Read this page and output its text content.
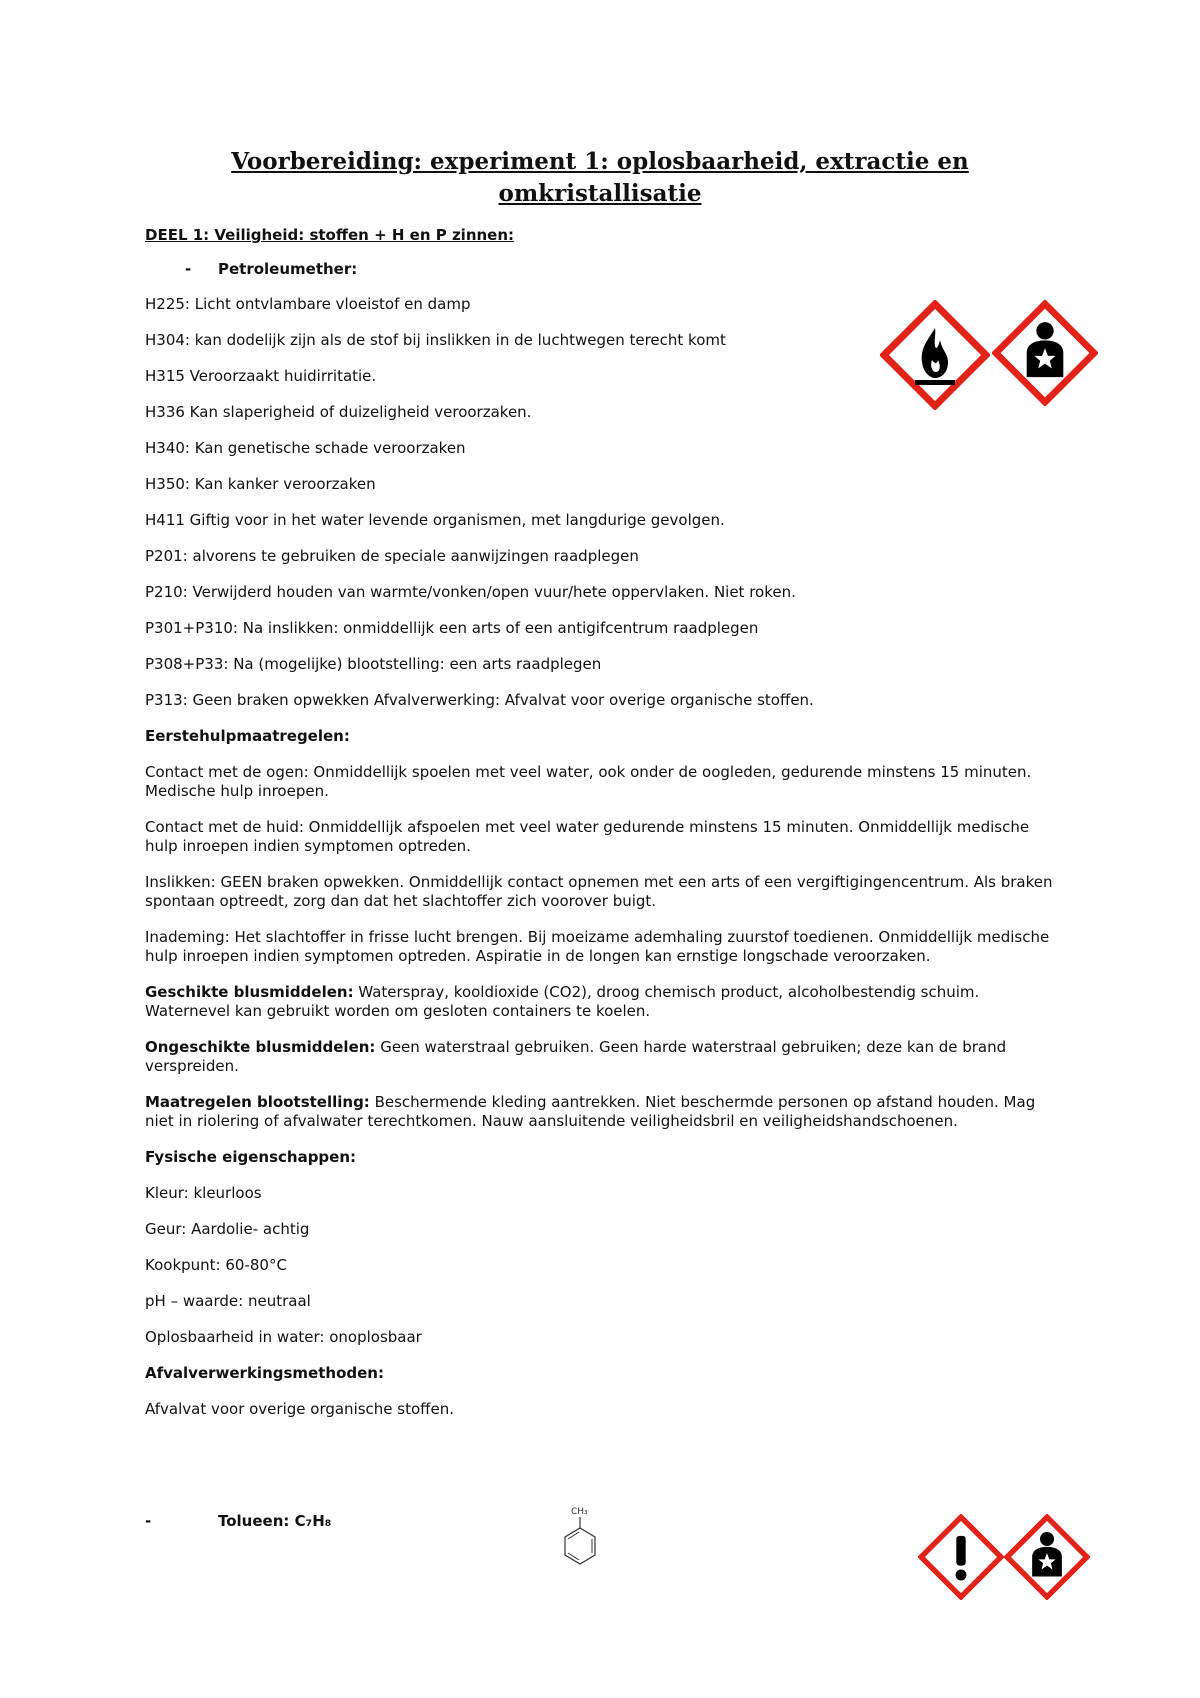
Voorbereiding: experiment 1: oplosbaarheid, extractie en omkristallisatie
DEEL 1: Veiligheid: stoffen + H en P zinnen:
-	Petroleumether:
H225: Licht ontvlambare vloeistof en damp
H304: kan dodelijk zijn als de stof bij inslikken in de luchtwegen terecht komt
H315 Veroorzaakt huidirritatie.
H336 Kan slaperigheid of duizeligheid veroorzaken.
H340: Kan genetische schade veroorzaken
H350: Kan kanker veroorzaken
H411 Giftig voor in het water levende organismen, met langdurige gevolgen.
P201: alvorens te gebruiken de speciale aanwijzingen raadplegen
P210: Verwijderd houden van warmte/vonken/open vuur/hete oppervlaken. Niet roken.
P301+P310: Na inslikken: onmiddellijk een arts of een antigifcentrum raadplegen
P308+P33: Na (mogelijke) blootstelling: een arts raadplegen
P313: Geen braken opwekken Afvalverwerking: Afvalvat voor overige organische stoffen.

Eerstehulpmaatregelen:

Contact met de ogen: Onmiddellijk spoelen met veel water, ook onder de oogleden, gedurende minstens 15 minuten. Medische hulp inroepen.

Contact met de huid: Onmiddellijk afspoelen met veel water gedurende minstens 15 minuten. Onmiddellijk medische hulp inroepen indien symptomen optreden.

Inslikken: GEEN braken opwekken. Onmiddellijk contact opnemen met een arts of een vergiftigingencentrum. Als braken spontaan optreedt, zorg dan dat het slachtoffer zich voorover buigt.

Inademing: Het slachtoffer in frisse lucht brengen. Bij moeizame ademhaling zuurstof toedienen. Onmiddellijk medische hulp inroepen indien symptomen optreden. Aspiratie in de longen kan ernstige longschade veroorzaken.

Geschikte blusmiddelen: Waterspray, kooldioxide (CO2), droog chemisch product, alcoholbestendig schuim. Waternevel kan gebruikt worden om gesloten containers te koelen.

Ongeschikte blusmiddelen: Geen waterstraal gebruiken. Geen harde waterstraal gebruiken; deze kan de brand verspreiden.

Maatregelen blootstelling: Beschermende kleding aantrekken. Niet beschermde personen op afstand houden. Mag niet in riolering of afvalwater terechtkomen. Nauw aansluitende veiligheidsbril en veiligheidshandschoenen.

Fysische eigenschappen:

Kleur: kleurloos
Geur: Aardolie- achtig
Kookpunt: 60-80°C
pH – waarde: neutraal
Oplosbaarheid in water: onoplosbaar

Afvalverwerkingsmethoden:

Afvalvat voor overige organische stoffen.

-	Tolueen: C₇H₈	CH₃
